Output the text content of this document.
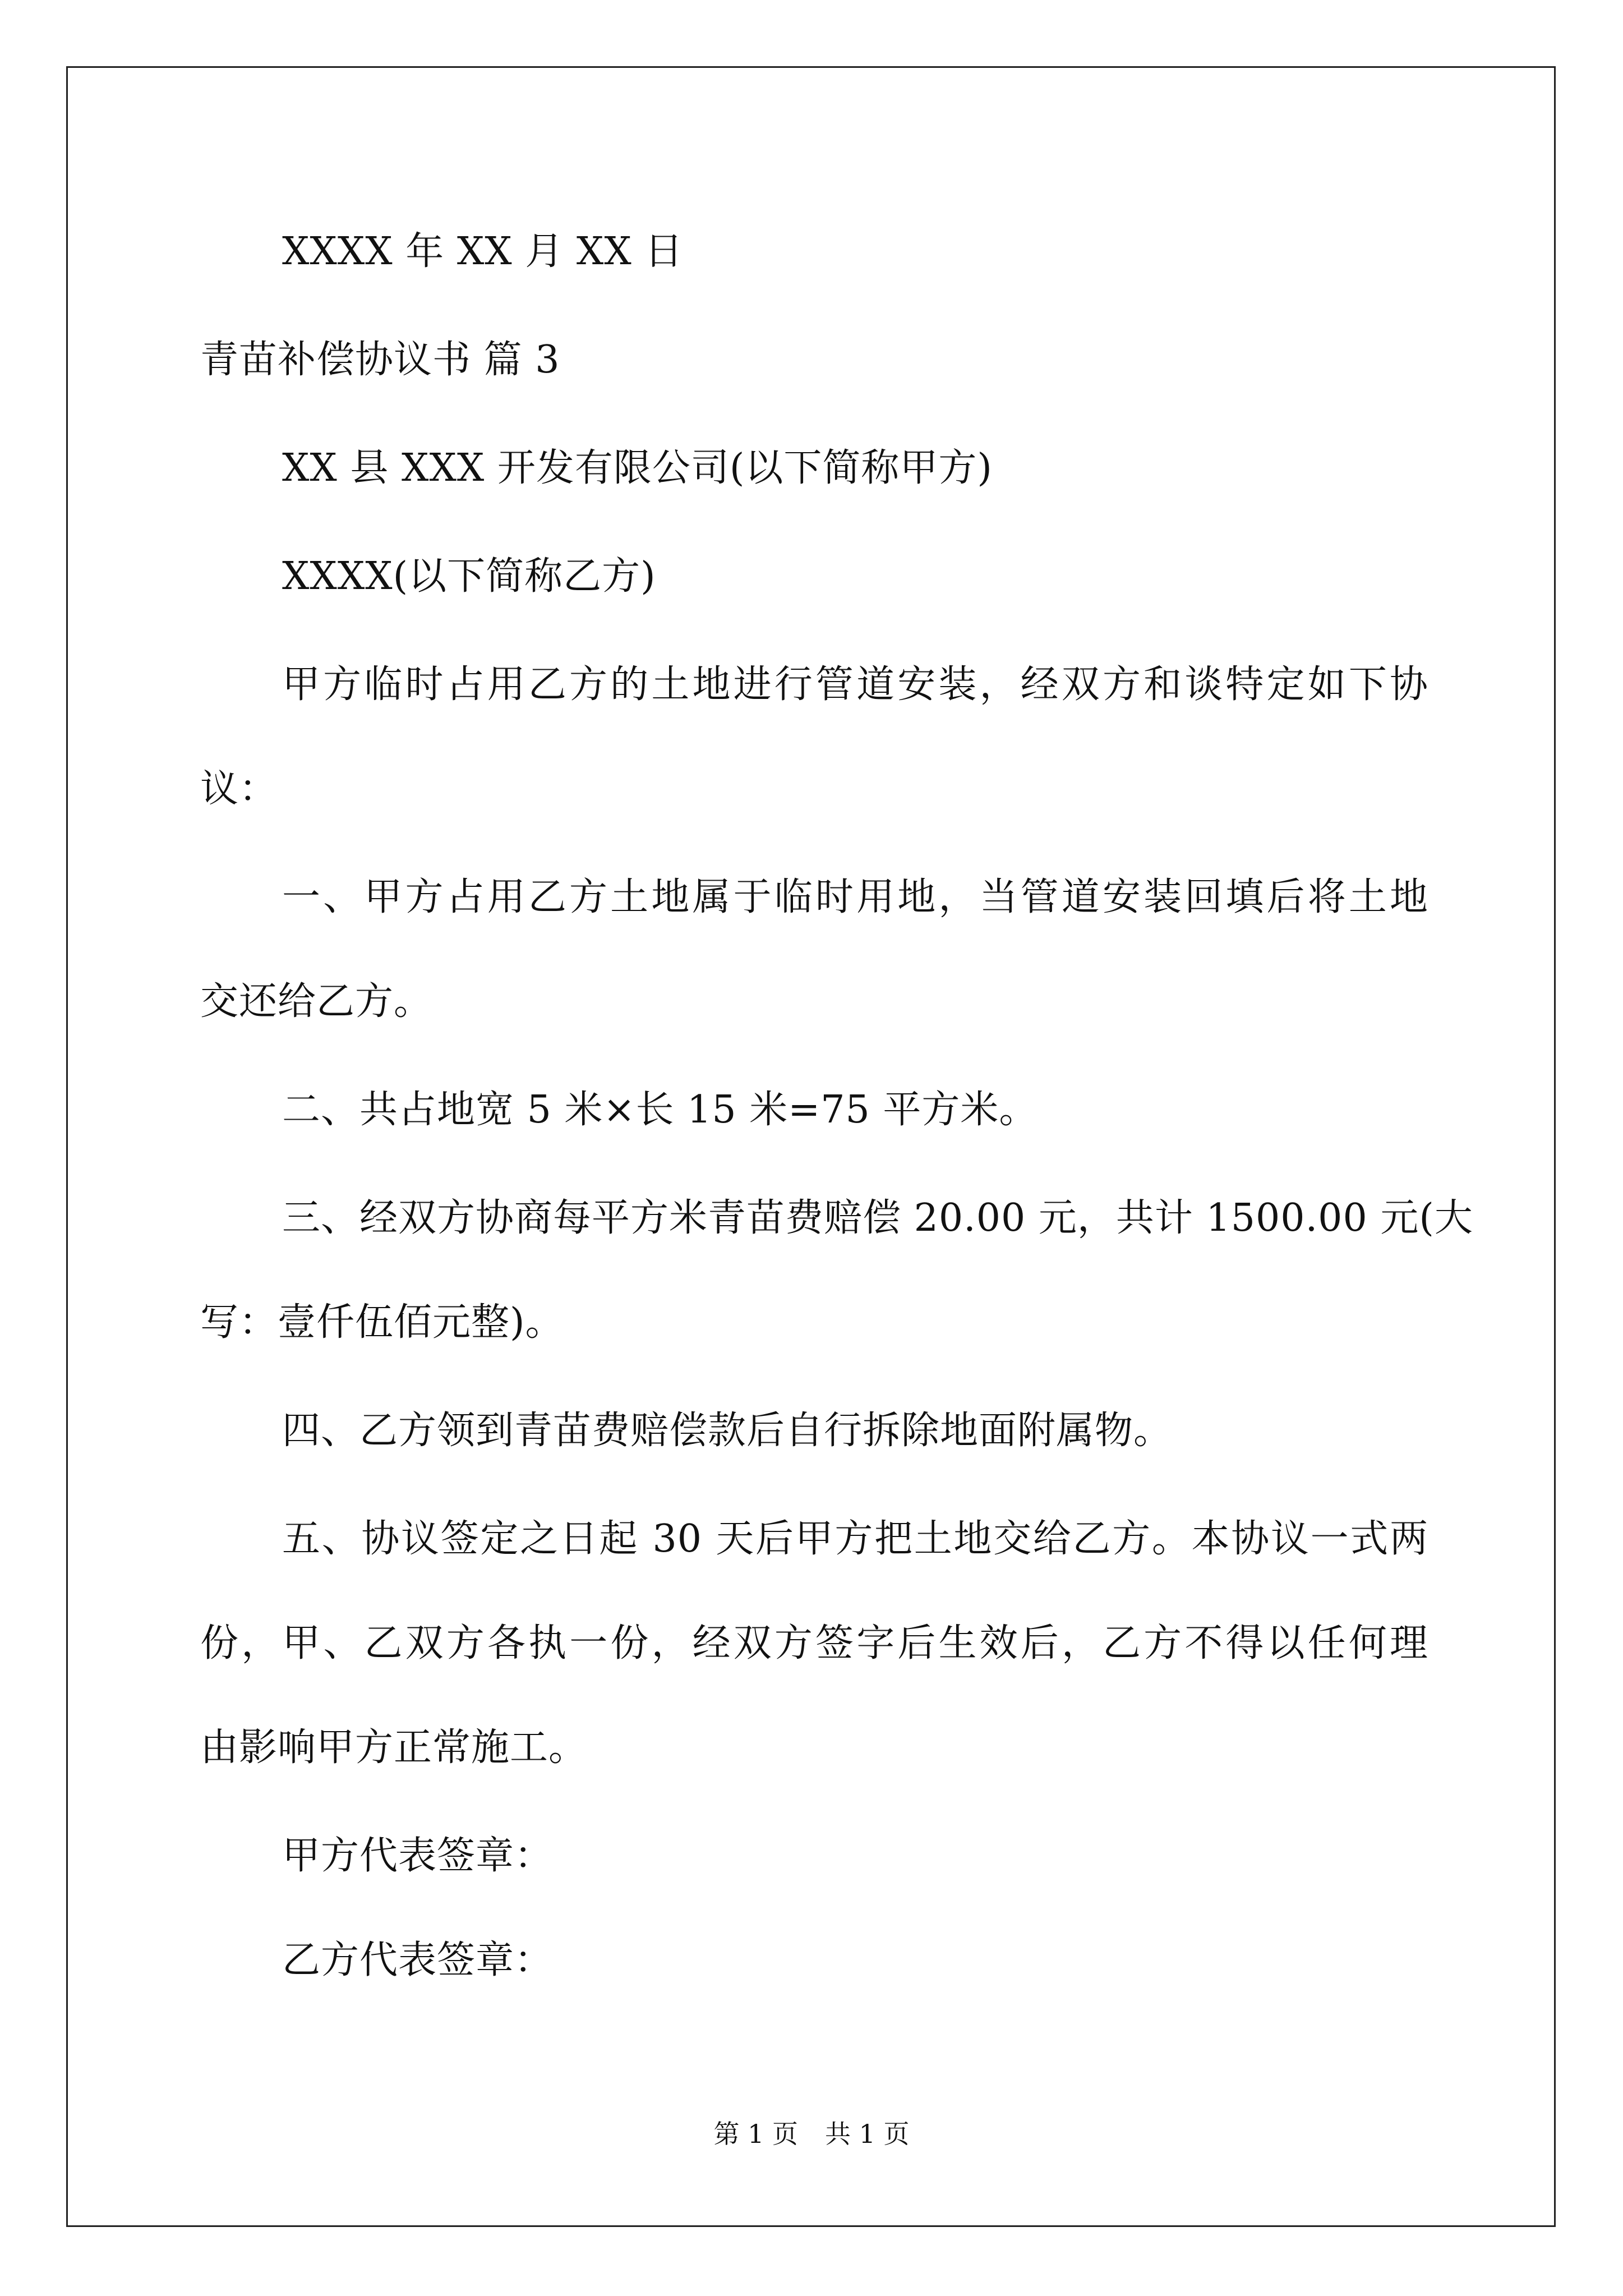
XXXX 年 XX 月 XX 日
青苗补偿协议书 篇 3
XX 县 XXX 开发有限公司(以下简称甲方)
XXXX(以下简称乙方)
甲方临时占用乙方的土地进行管道安装，经双方和谈特定如下协
议：
一、甲方占用乙方土地属于临时用地，当管道安装回填后将土地
交还给乙方。
二、共占地宽 5 米×长 15 米=75 平方米。
三、经双方协商每平方米青苗费赔偿 20.00 元，共计 1500.00 元(大
写：壹仟伍佰元整)。
四、乙方领到青苗费赔偿款后自行拆除地面附属物。
五、协议签定之日起 30 天后甲方把土地交给乙方。本协议一式两
份，甲、乙双方各执一份，经双方签字后生效后，乙方不得以任何理
由影响甲方正常施工。
甲方代表签章：
乙方代表签章：
第 1 页 共 1 页
